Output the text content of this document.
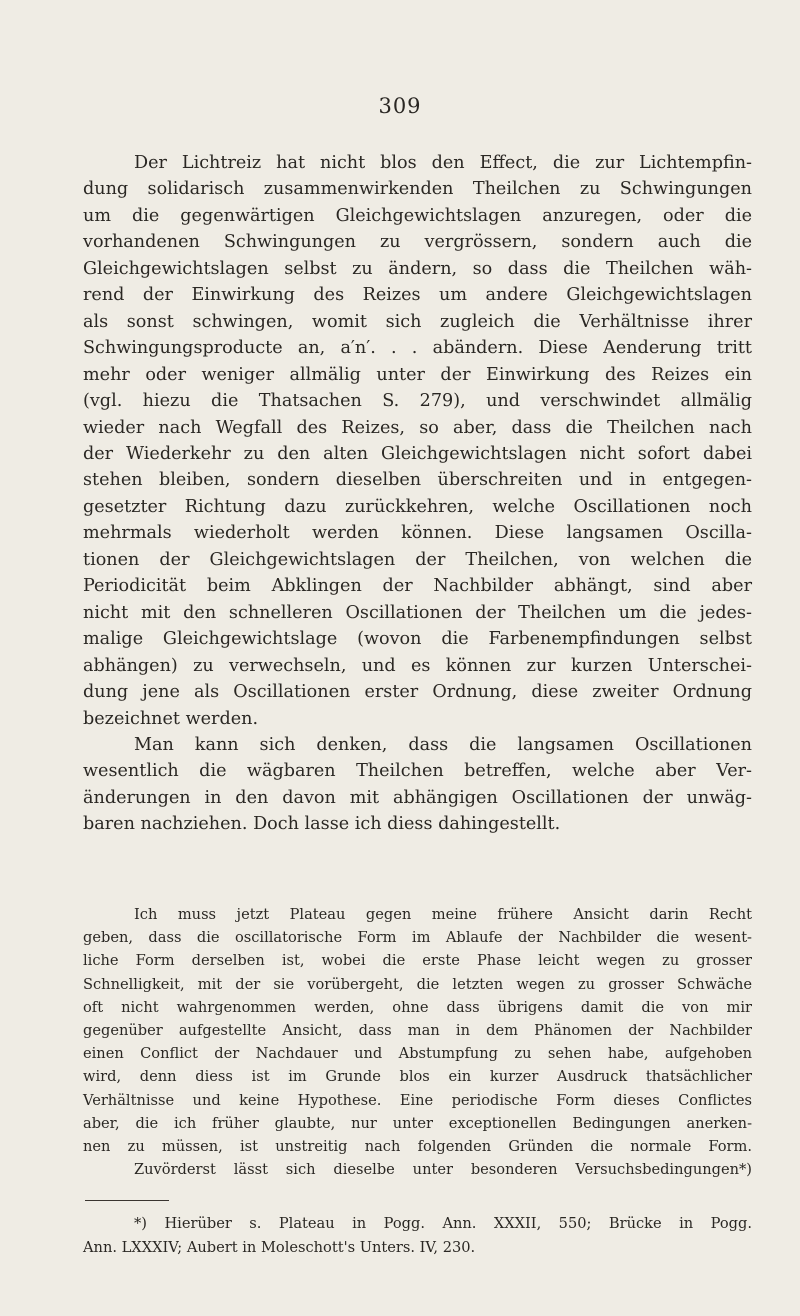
309
Der Lichtreiz hat nicht blos den Effect, die zur Lichtempfin-
dung solidarisch zusammenwirkenden Theilchen zu Schwingungen
um die gegenwärtigen Gleichgewichtslagen anzuregen, oder die
vorhandenen Schwingungen zu vergrössern, sondern auch die
Gleichgewichtslagen selbst zu ändern, so dass die Theilchen wäh-
rend der Einwirkung des Reizes um andere Gleichgewichtslagen
als sonst schwingen, womit sich zugleich die Verhältnisse ihrer
Schwingungsproducte an, a′n′. . . abändern. Diese Aenderung tritt
mehr oder weniger allmälig unter der Einwirkung des Reizes ein
(vgl. hiezu die Thatsachen S. 279), und verschwindet allmälig
wieder nach Wegfall des Reizes, so aber, dass die Theilchen nach
der Wiederkehr zu den alten Gleichgewichtslagen nicht sofort dabei
stehen bleiben, sondern dieselben überschreiten und in entgegen-
gesetzter Richtung dazu zurückkehren, welche Oscillationen noch
mehrmals wiederholt werden können. Diese langsamen Oscilla-
tionen der Gleichgewichtslagen der Theilchen, von welchen die
Periodicität beim Abklingen der Nachbilder abhängt, sind aber
nicht mit den schnelleren Oscillationen der Theilchen um die jedes-
malige Gleichgewichtslage (wovon die Farbenempfindungen selbst
abhängen) zu verwechseln, und es können zur kurzen Unterschei-
dung jene als Oscillationen erster Ordnung, diese zweiter Ordnung
bezeichnet werden.
Man kann sich denken, dass die langsamen Oscillationen
wesentlich die wägbaren Theilchen betreffen, welche aber Ver-
änderungen in den davon mit abhängigen Oscillationen der unwäg-
baren nachziehen. Doch lasse ich diess dahingestellt.
Ich muss jetzt Plateau gegen meine frühere Ansicht darin Recht
geben, dass die oscillatorische Form im Ablaufe der Nachbilder die wesent-
liche Form derselben ist, wobei die erste Phase leicht wegen zu grosser
Schnelligkeit, mit der sie vorübergeht, die letzten wegen zu grosser Schwäche
oft nicht wahrgenommen werden, ohne dass übrigens damit die von mir
gegenüber aufgestellte Ansicht, dass man in dem Phänomen der Nachbilder
einen Conflict der Nachdauer und Abstumpfung zu sehen habe, aufgehoben
wird, denn diess ist im Grunde blos ein kurzer Ausdruck thatsächlicher
Verhältnisse und keine Hypothese. Eine periodische Form dieses Conflictes
aber, die ich früher glaubte, nur unter exceptionellen Bedingungen anerken-
nen zu müssen, ist unstreitig nach folgenden Gründen die normale Form.
Zuvörderst lässt sich dieselbe unter besonderen Versuchsbedingungen*)
*) Hierüber s. Plateau in Pogg. Ann. XXXII, 550; Brücke in Pogg.
Ann. LXXXIV; Aubert in Moleschott's Unters. IV, 230.
